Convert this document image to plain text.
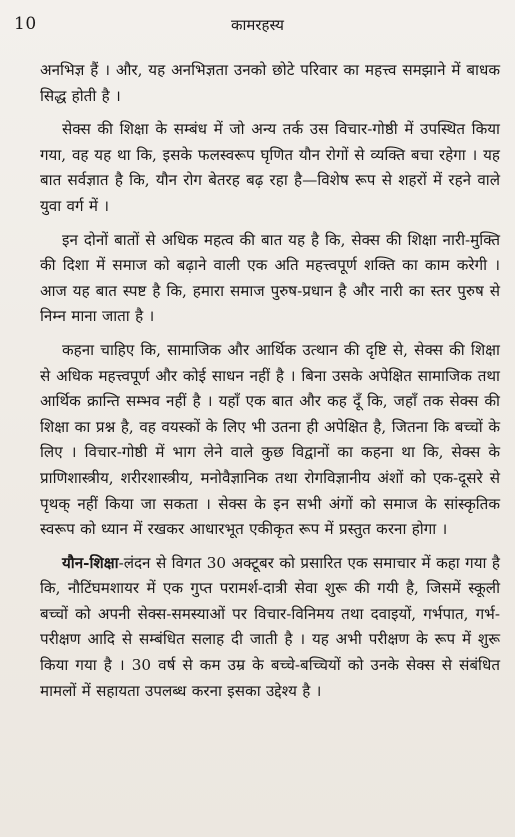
10	कामरहस्य

अनभिज्ञ हैं । और, यह अनभिज्ञता उनको छोटे परिवार का महत्त्व समझाने में बाधक सिद्ध होती है ।

सेक्स की शिक्षा के सम्बंध में जो अन्य तर्क उस विचार-गोष्ठी में उपस्थित किया गया, वह यह था कि, इसके फलस्वरूप घृणित यौन रोगों से व्यक्ति बचा रहेगा । यह बात सर्वज्ञात है कि, यौन रोग बेतरह बढ़ रहा है—विशेष रूप से शहरों में रहने वाले युवा वर्ग में ।

इन दोनों बातों से अधिक महत्व की बात यह है कि, सेक्स की शिक्षा नारी-मुक्ति की दिशा में समाज को बढ़ाने वाली एक अति महत्त्वपूर्ण शक्ति का काम करेगी । आज यह बात स्पष्ट है कि, हमारा समाज पुरुष-प्रधान है और नारी का स्तर पुरुष से निम्न माना जाता है ।

कहना चाहिए कि, सामाजिक और आर्थिक उत्थान की दृष्टि से, सेक्स की शिक्षा से अधिक महत्त्वपूर्ण और कोई साधन नहीं है । बिना उसके अपेक्षित सामाजिक तथा आर्थिक क्रान्ति सम्भव नहीं है । यहाँ एक बात और कह दूँ कि, जहाँ तक सेक्स की शिक्षा का प्रश्न है, वह वयस्कों के लिए भी उतना ही अपेक्षित है, जितना कि बच्चों के लिए । विचार-गोष्ठी में भाग लेने वाले कुछ विद्वानों का कहना था कि, सेक्स के प्राणिशास्त्रीय, शरीरशास्त्रीय, मनोवैज्ञानिक तथा रोगविज्ञानीय अंशों को एक-दूसरे से पृथक् नहीं किया जा सकता । सेक्स के इन सभी अंगों को समाज के सांस्कृतिक स्वरूप को ध्यान में रखकर आधारभूत एकीकृत रूप में प्रस्तुत करना होगा ।

यौन-शिक्षा-लंदन से विगत 30 अक्टूबर को प्रसारित एक समाचार में कहा गया है कि, नौटिंघमशायर में एक गुप्त परामर्श-दात्री सेवा शुरू की गयी है, जिसमें स्कूली बच्चों को अपनी सेक्स-समस्याओं पर विचार-विनिमय तथा दवाइयों, गर्भपात, गर्भ-परीक्षण आदि से सम्बंधित सलाह दी जाती है । यह अभी परीक्षण के रूप में शुरू किया गया है । 30 वर्ष से कम उम्र के बच्चे-बच्चियों को उनके सेक्स से संबंधित मामलों में सहायता उपलब्ध करना इसका उद्देश्य है ।
